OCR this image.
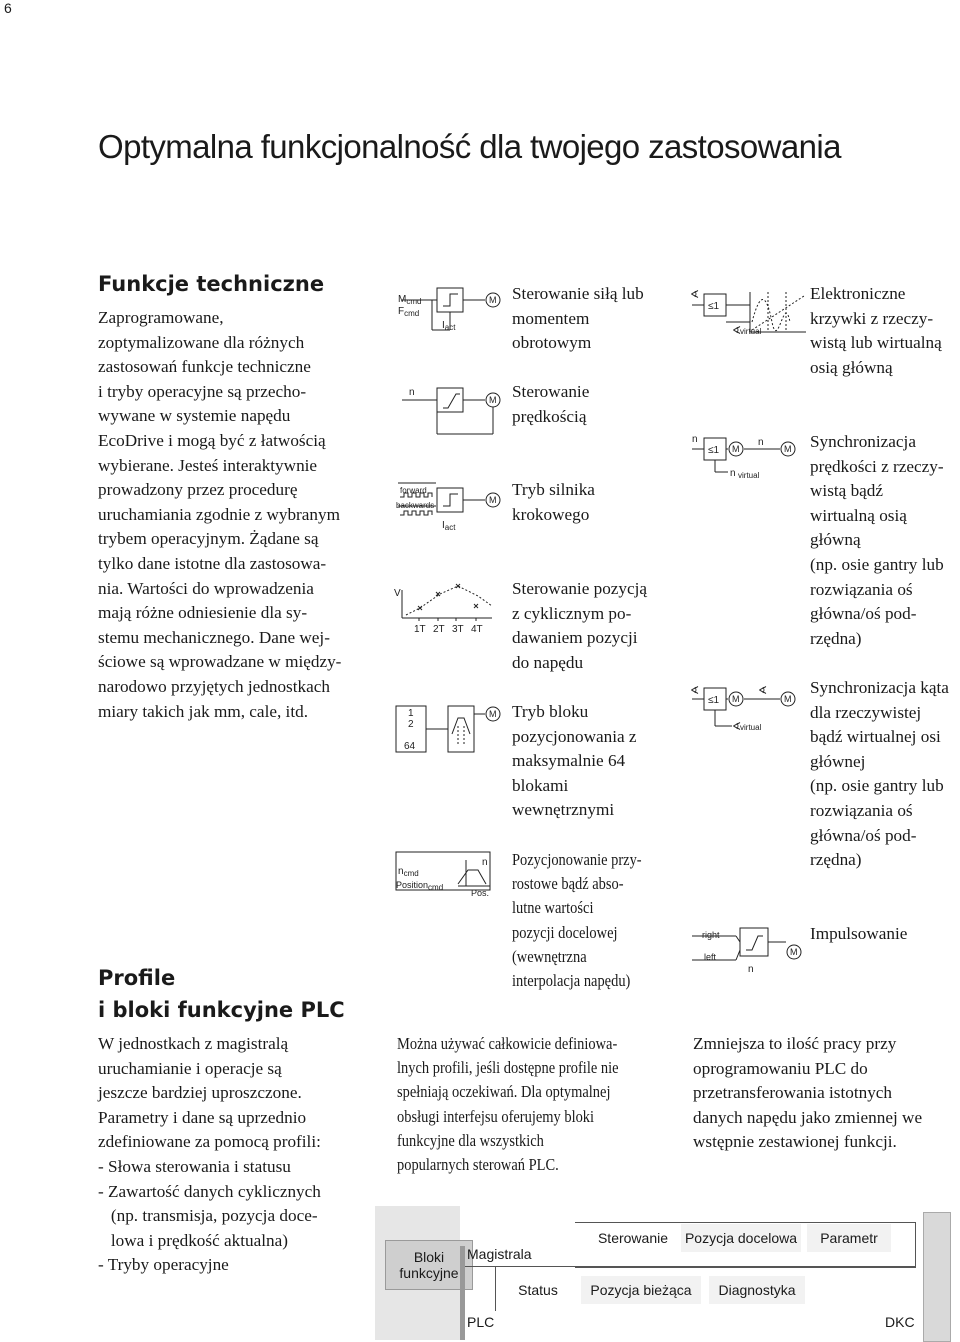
6
Optymalna funkcjonalność dla twojego zastosowania
Funkcje techniczne
Zaprogramowane,
zoptymalizowane dla różnych
zastosowań funkcje techniczne
i tryby operacyjne są przecho-
wywane w systemie napędu
EcoDrive i mogą być z łatwością
wybierane. Jesteś interaktywnie
prowadzony przez procedurę
uruchamiania zgodnie z wybranym
trybem operacyjnym. Żądane są
tylko dane istotne dla zastosowa-
nia. Wartości do wprowadzenia
mają różne odniesienie dla sy-
stemu mechanicznego. Dane wej-
ściowe są wprowadzane w między-
narodowo przyjętych jednostkach
miary takich jak mm, cale, itd.
$M_{cmd}$
$F_{cmd}$
$I_{act}$
M
n
M
forward
backwards
$I_{act}$
M
V
1T 2T 3T 4T
1
2
64
M
$n_{cmd}$
Positioncmd
n
Pos.
Sterowanie siłą lub
momentem
obrotowym
Sterowanie
prędkością
Tryb silnika
krokowego
Sterowanie pozycją
z cyklicznym po-
dawaniem pozycji
do napędu
Tryb bloku
pozycjonowania z
maksymalnie 64
blokami
wewnętrznymi
Pozycjonowanie przy-
rostowe bądź abso-
lutne wartości
pozycji docelowej
(wewnętrzna
interpolacja napędu)
∢
≤1
∢
virtual
n
≤1 M
n
M
n virtual
∢
≤1 M
∢
M
∢
virtual
right
left
n
M
Elektroniczne
krzywki z rzeczy-
wistą lub wirtualną
osią główną
Synchronizacja
prędkości z rzeczy-
wistą bądź
wirtualną osią
główną
(np. osie gantry lub
rozwiązania oś
główna/oś pod-
rzędna)
Synchronizacja kąta
dla rzeczywistej
bądź wirtualnej osi
głównej
(np. osie gantry lub
rozwiązania oś
główna/oś pod-
rzędna)
Impulsowanie
Profile
i bloki funkcyjne PLC
W jednostkach z magistralą
uruchamianie i operacje są
jeszcze bardziej uproszczone.
Parametry i dane są uprzednio
zdefiniowane za pomocą profili:
- Słowa sterowania i statusu
- Zawartość danych cyklicznych
(np. transmisja, pozycja doce-
lowa i prędkość aktualna)
- Tryby operacyjne
Można używać całkowicie definiowa-
lnych profili, jeśli dostępne profile nie
spełniają oczekiwań. Dla optymalnej
obsługi interfejsu oferujemy bloki
funkcyjne dla wszystkich
popularnych sterowań PLC.
Zmniejsza to ilość pracy przy
oprogramowaniu PLC do
przetransferowania istotnych
danych napędu jako zmiennej we
wstępnie zestawionej funkcji.
Bloki
funkcyjne
Magistrala
Sterowanie	Pozycja docelowa	Parametr
Status	Pozycja bieżąca	Diagnostyka
PLC	DKC
